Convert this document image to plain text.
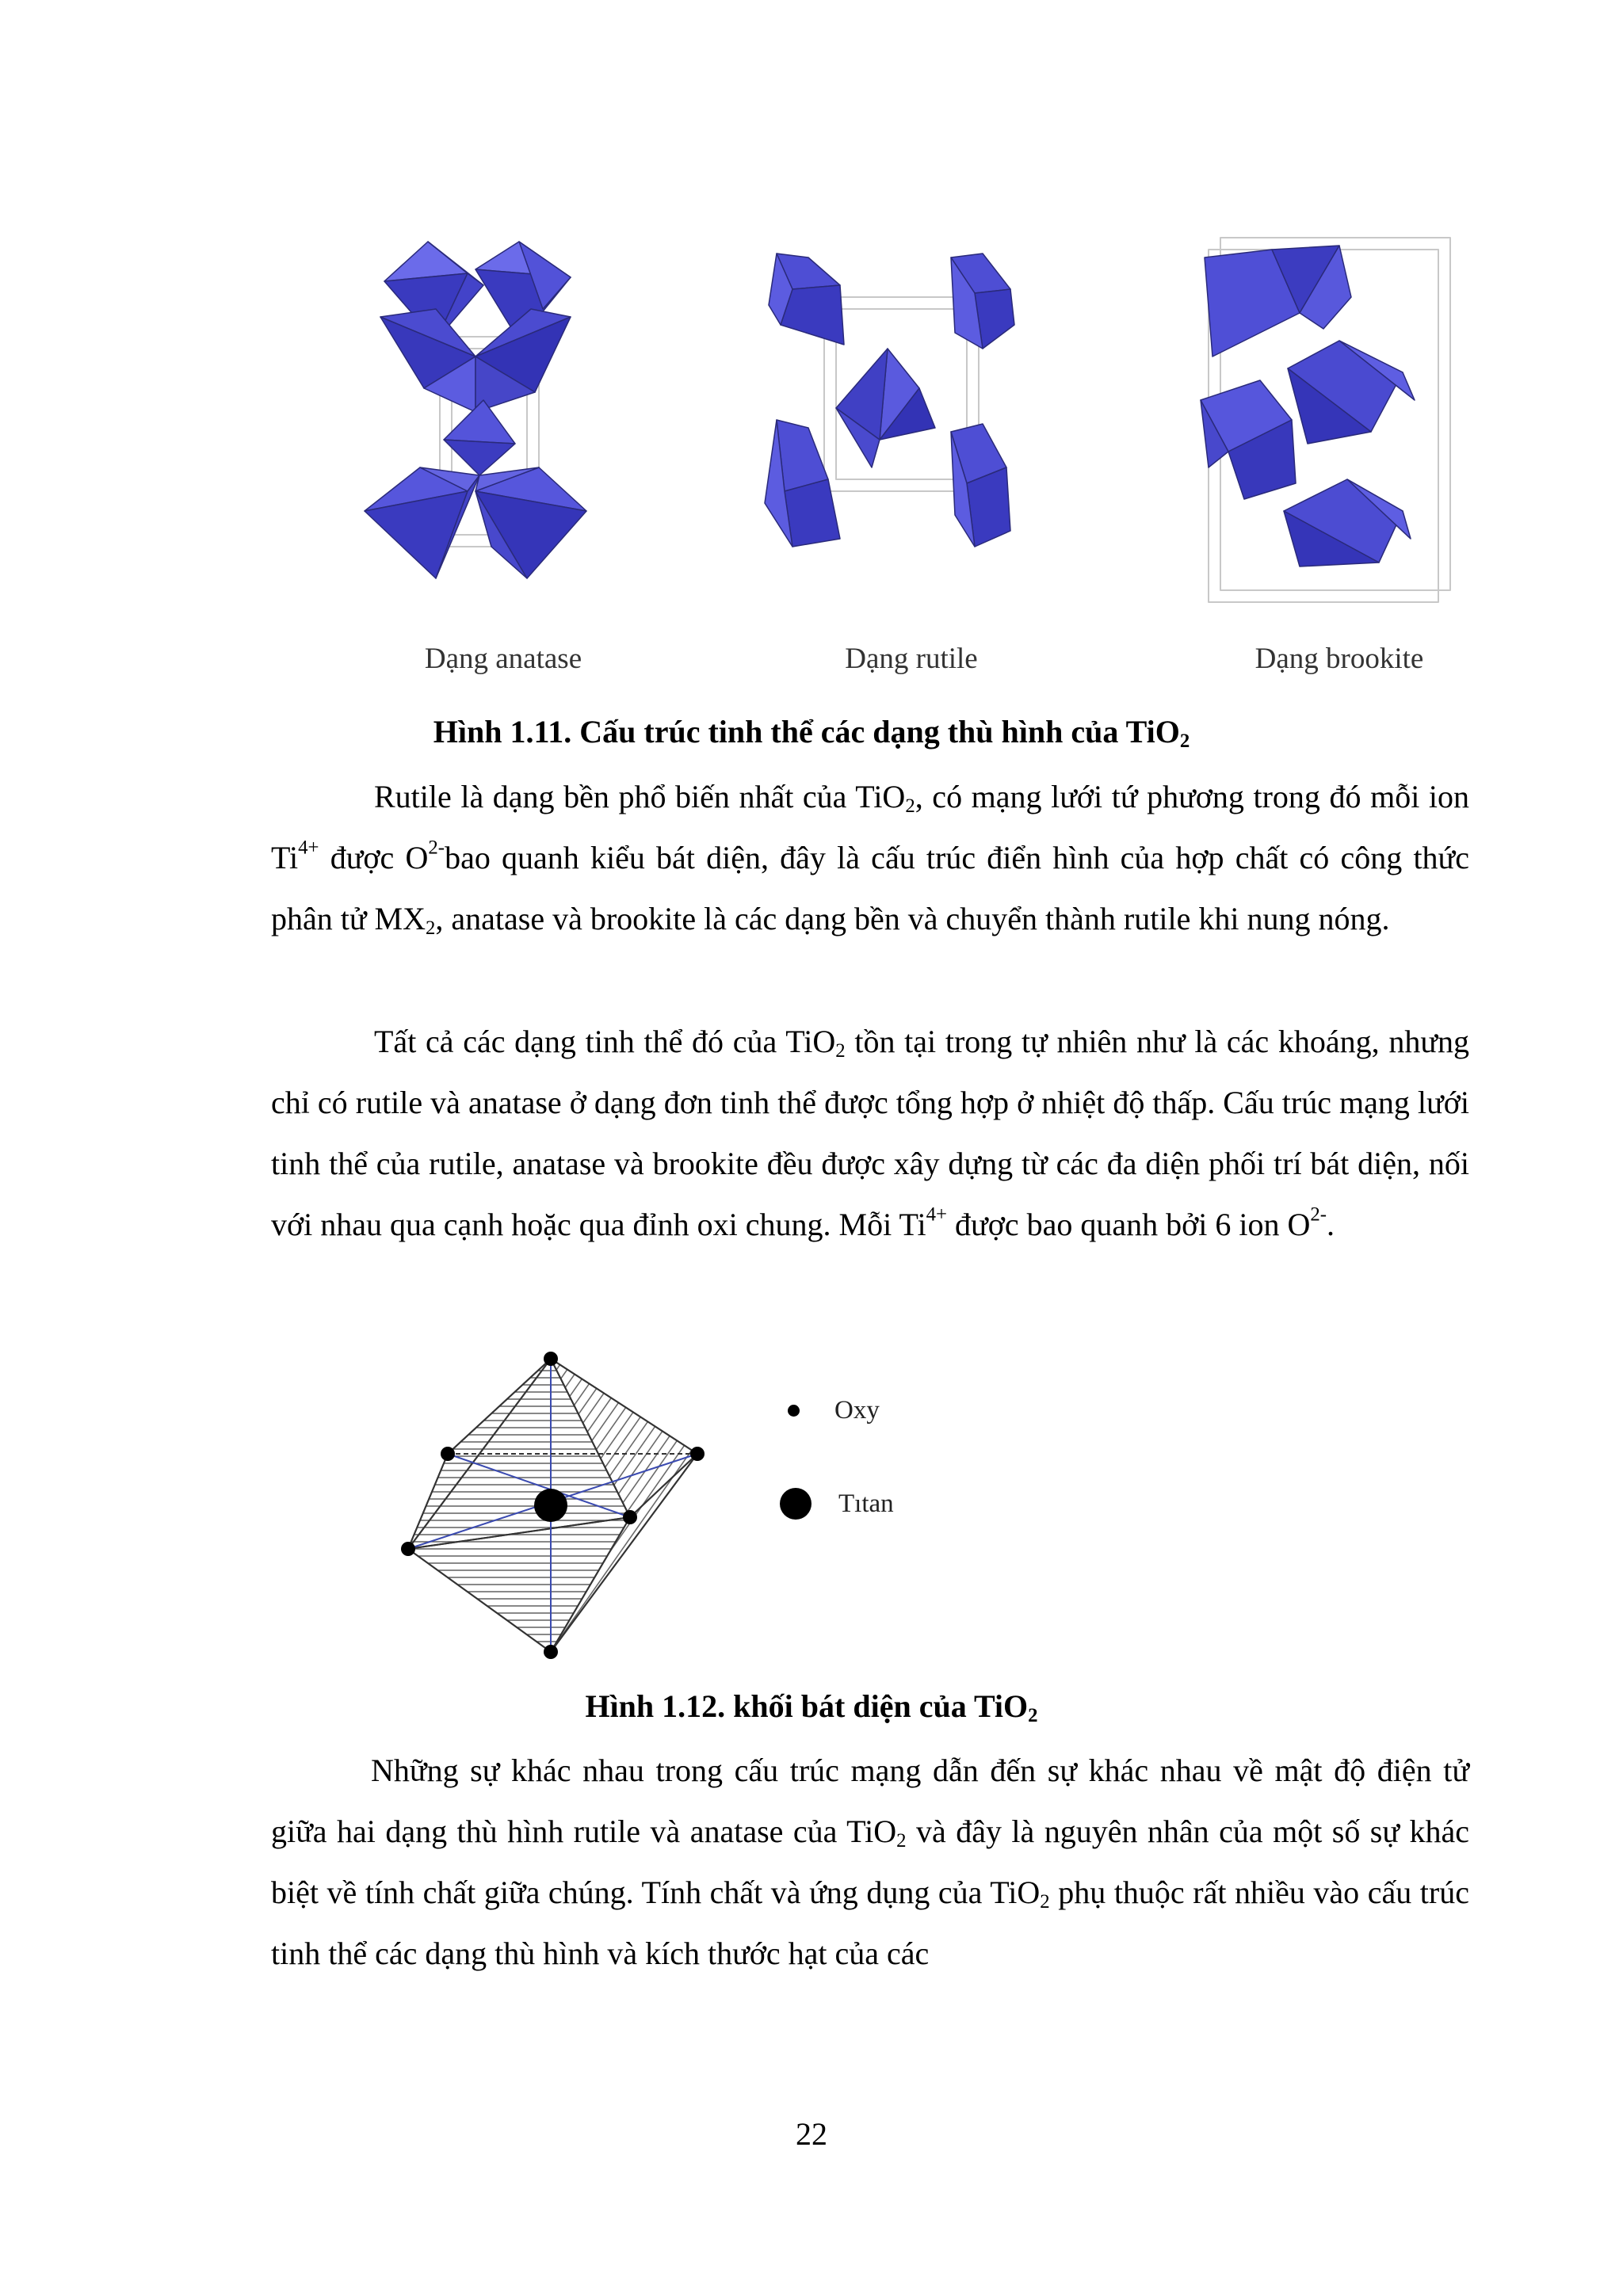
Dạng anatase	Dạng rutile	Dạng brookite
Hình 1.11. Cấu trúc tinh thể các dạng thù hình của TiO$_2$

Rutile là dạng bền phổ biến nhất của TiO$_2$, có mạng lưới tứ phương trong đó mỗi ion $Ti^{4+}$ được $O^{2-}bao$ quanh kiểu bát diện, đây là cấu trúc điển hình của hợp chất có công thức phân tử $MX_2$, anatase và brookite là các dạng bền và chuyển thành rutile khi nung nóng.

Tất cả các dạng tinh thể đó của TiO$_2$ tồn tại trong tự nhiên như là các khoáng, nhưng chỉ có rutile và anatase ở dạng đơn tinh thể được tổng hợp ở nhiệt độ thấp. Cấu trúc mạng lưới tinh thể của rutile, anatase và brookite đều được xây dựng từ các đa diện phối trí bát diện, nối với nhau qua cạnh hoặc qua đỉnh oxi chung. Mỗi $Ti^{4+}$ được bao quanh bởi 6 ion $O^{2-}$.

Oxy
Tıtan
Hình 1.12. khối bát diện của TiO$_2$

Những sự khác nhau trong cấu trúc mạng dẫn đến sự khác nhau về mật độ điện tử giữa hai dạng thù hình rutile và anatase của TiO$_2$ và đây là nguyên nhân của một số sự khác biệt về tính chất giữa chúng. Tính chất và ứng dụng của TiO$_2$ phụ thuộc rất nhiều vào cấu trúc tinh thể các dạng thù hình và kích thước hạt của các

22
